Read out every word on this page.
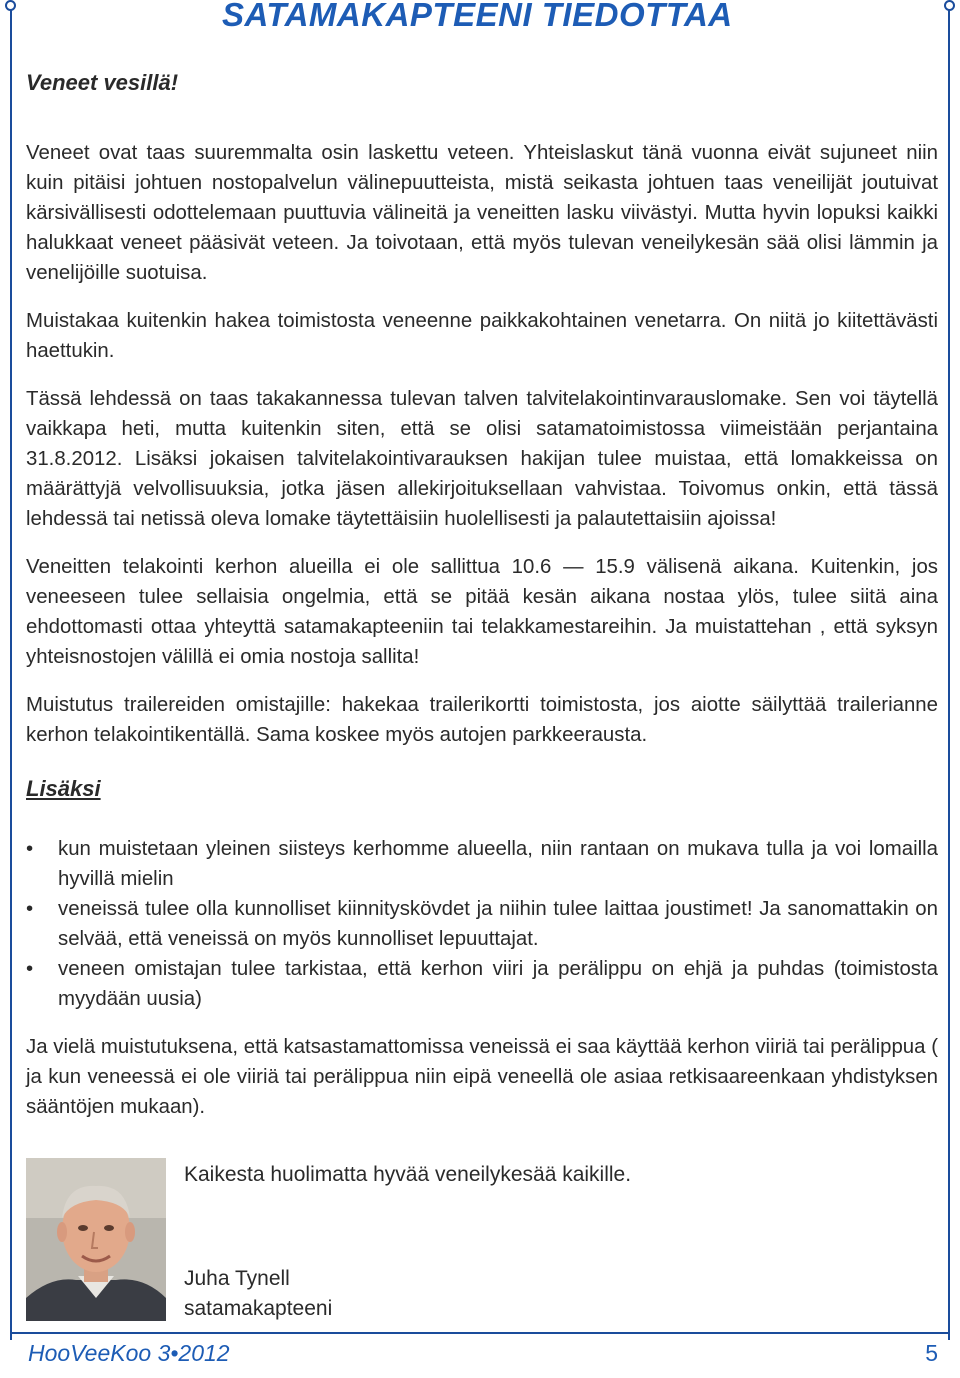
SATAMAKAPTEENI TIEDOTTAA

Veneet vesillä!

Veneet ovat taas suuremmalta osin laskettu veteen. Yhteislaskut tänä vuonna eivät sujuneet niin kuin pitäisi johtuen nostopalvelun välinepuutteista, mistä seikasta johtuen taas veneilijät joutuivat kärsivällisesti odottelemaan puuttuvia välineitä ja veneitten lasku viivästyi. Mutta hyvin lopuksi kaikki halukkaat veneet pääsivät veteen. Ja toivotaan, että myös tulevan veneilykesän sää olisi lämmin ja venelijöille suotuisa.

Muistakaa kuitenkin hakea toimistosta veneenne paikkakohtainen venetarra. On niitä jo kiitettävästi haettukin.

Tässä lehdessä on taas takakannessa tulevan talven talvitelakointinvarauslomake. Sen voi täytellä vaikkapa heti, mutta kuitenkin siten, että se olisi satamatoimistossa viimeistään perjantaina 31.8.2012. Lisäksi jokaisen talvitelakointivarauksen hakijan tulee muistaa, että lomakkeissa on määrättyjä velvollisuuksia, jotka jäsen allekirjoituksellaan vahvistaa. Toivomus onkin, että tässä lehdessä tai netissä oleva lomake täytettäisiin huolellisesti ja palautettaisiin ajoissa!

Veneitten telakointi kerhon alueilla ei ole sallittua 10.6 — 15.9 välisenä aikana. Kuitenkin, jos veneeseen tulee sellaisia ongelmia, että se pitää kesän aikana nostaa ylös, tulee siitä aina ehdottomasti ottaa yhteyttä satamakapteeniin tai telakkamestareihin. Ja muistattehan , että syksyn yhteisnostojen välillä ei omia nostoja sallita!

Muistutus trailereiden omistajille: hakekaa trailerikortti toimistosta, jos aiotte säilyttää trailerianne kerhon telakointikentällä. Sama koskee myös autojen parkkeerausta.

Lisäksi

• kun muistetaan yleinen siisteys kerhomme alueella, niin rantaan on mukava tulla ja voi lomailla hyvillä mielin
• veneissä tulee olla kunnolliset kiinnityskövdet ja niihin tulee laittaa joustimet! Ja sanomattakin on selvää, että veneissä on myös kunnolliset lepuuttajat.
• veneen omistajan tulee tarkistaa, että kerhon viiri ja perälippu on ehjä ja puhdas (toimistosta myydään uusia)

Ja vielä muistutuksena, että katsastamattomissa veneissä ei saa käyttää kerhon viiriä tai perälippua ( ja kun veneessä ei ole viiriä tai perälippua niin eipä veneellä ole asiaa retkisaareenkaan yhdistyksen sääntöjen mukaan).

Kaikesta huolimatta hyvää veneilykesää kaikille.
Juha Tynell
satamakapteeni
HooVeeKoo 3•2012	5
